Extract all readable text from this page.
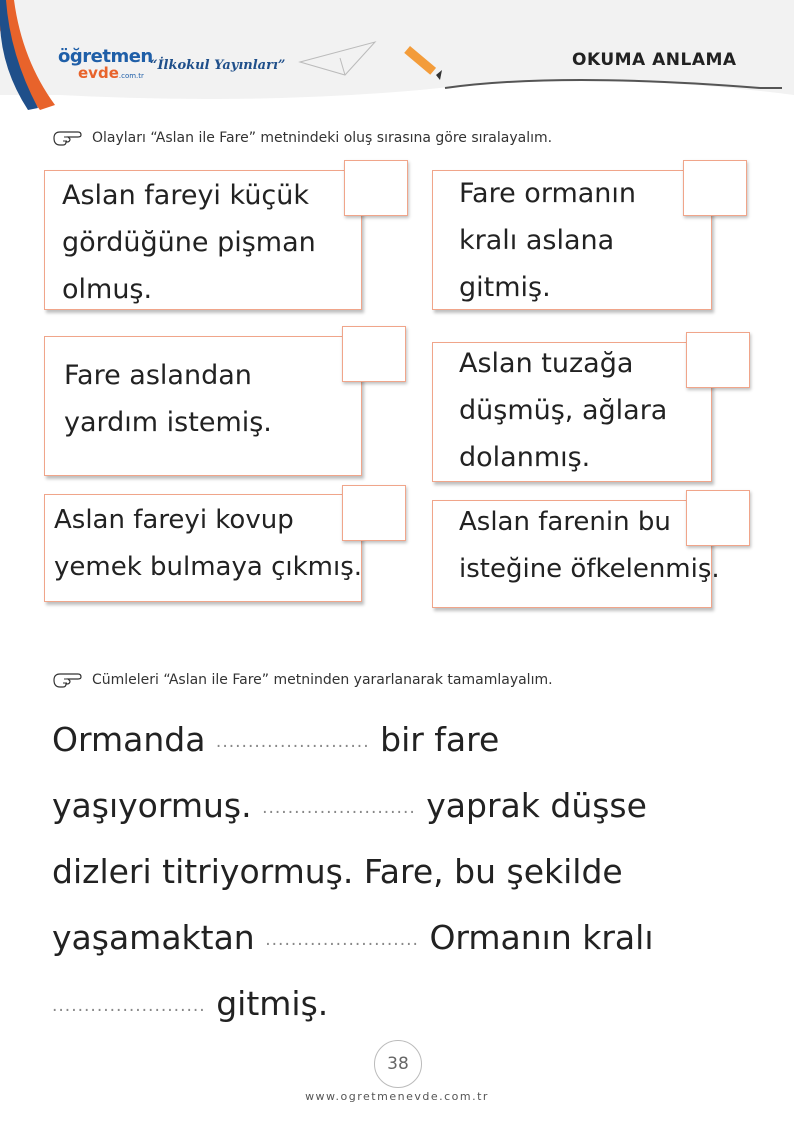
öğretmen
evde.com.tr
“İlkokul Yayınları”	OKUMA ANLAMA
Olayları “Aslan ile Fare” metnindeki oluş sırasına göre sıralayalım.
Aslan fareyi küçük
gördüğüne pişman
olmuş.
Fare ormanın
kralı aslana
gitmiş.
Fare aslandan
yardım istemiş.
Aslan tuzağa
düşmüş, ağlara
dolanmış.
Aslan fareyi kovup
yemek bulmaya çıkmış.
Aslan farenin bu
isteğine öfkelenmiş.
Cümleleri “Aslan ile Fare” metninden yararlanarak tamamlayalım.
Ormanda ........................ bir fare
yaşıyormuş. ........................ yaprak düşse
dizleri titriyormuş. Fare, bu şekilde
yaşamaktan ........................ Ormanın kralı
........................ gitmiş.
38
www.ogretmenevde.com.tr
